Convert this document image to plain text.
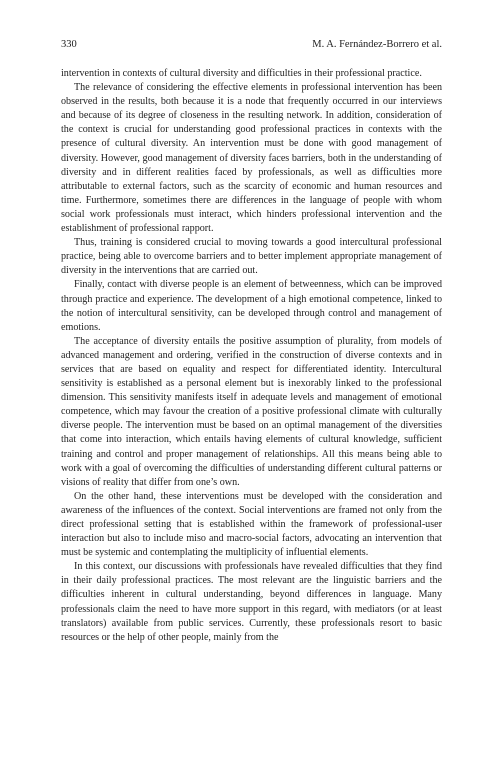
330	M. A. Fernández-Borrero et al.

intervention in contexts of cultural diversity and difficulties in their professional practice.

The relevance of considering the effective elements in professional intervention has been observed in the results, both because it is a node that frequently occurred in our interviews and because of its degree of closeness in the resulting network. In addition, consideration of the context is crucial for understanding good professional practices in contexts with the presence of cultural diversity. An intervention must be done with good management of diversity. However, good management of diversity faces barriers, both in the understanding of diversity and in different realities faced by professionals, as well as difficulties more attributable to external factors, such as the scarcity of economic and human resources and time. Furthermore, sometimes there are differences in the language of people with whom social work professionals must interact, which hinders professional intervention and the establishment of professional rapport.

Thus, training is considered crucial to moving towards a good intercultural professional practice, being able to overcome barriers and to better implement appropriate management of diversity in the interventions that are carried out.

Finally, contact with diverse people is an element of betweenness, which can be improved through practice and experience. The development of a high emotional competence, linked to the notion of intercultural sensitivity, can be developed through control and management of emotions.

The acceptance of diversity entails the positive assumption of plurality, from models of advanced management and ordering, verified in the construction of diverse contexts and in services that are based on equality and respect for differentiated identity. Intercultural sensitivity is established as a personal element but is inexorably linked to the professional dimension. This sensitivity manifests itself in adequate levels and management of emotional competence, which may favour the creation of a positive professional climate with culturally diverse people. The intervention must be based on an optimal management of the diversities that come into interaction, which entails having elements of cultural knowledge, sufficient training and control and proper management of relationships. All this means being able to work with a goal of overcoming the difficulties of understanding different cultural patterns or visions of reality that differ from one’s own.

On the other hand, these interventions must be developed with the consideration and awareness of the influences of the context. Social interventions are framed not only from the direct professional setting that is established within the framework of professional-user interaction but also to include miso and macro-social factors, advocating an intervention that must be systemic and contemplating the multiplicity of influential elements.

In this context, our discussions with professionals have revealed difficulties that they find in their daily professional practices. The most relevant are the linguistic barriers and the difficulties inherent in cultural understanding, beyond differences in language. Many professionals claim the need to have more support in this regard, with mediators (or at least translators) available from public services. Currently, these professionals resort to basic resources or the help of other people, mainly from the
